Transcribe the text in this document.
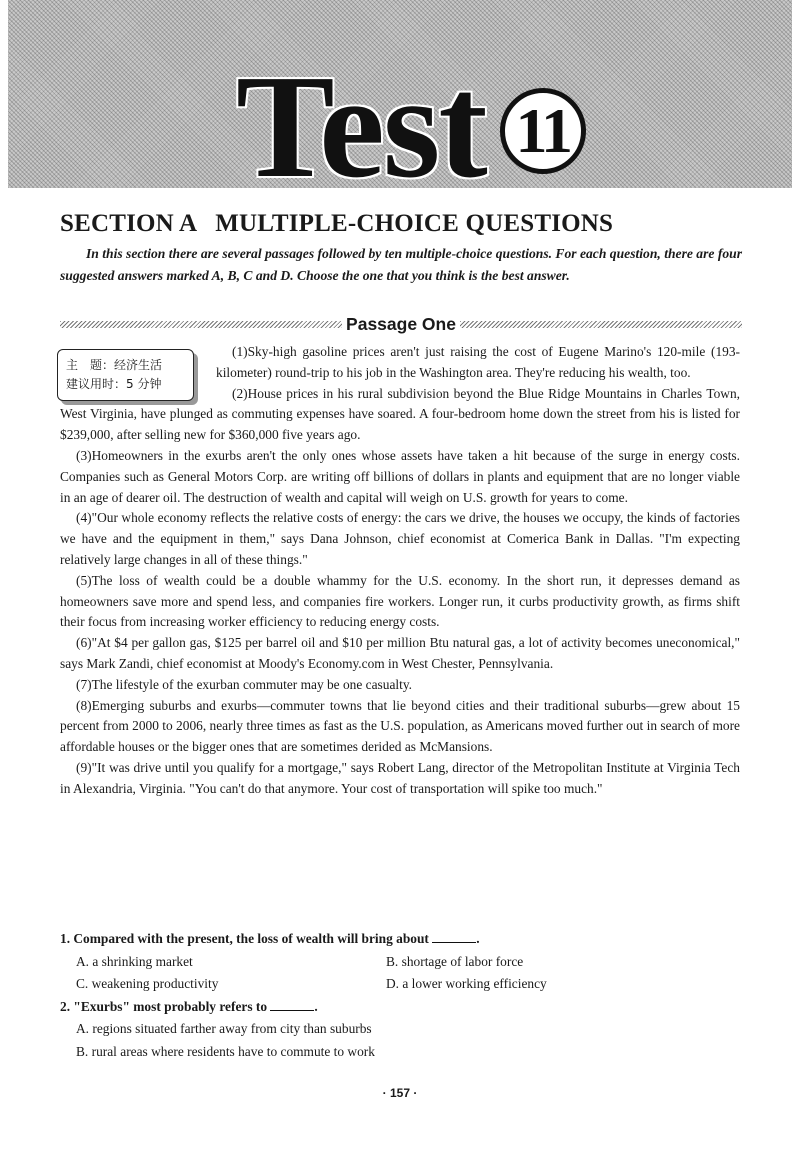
Test 11
SECTION A   MULTIPLE-CHOICE QUESTIONS
In this section there are several passages followed by ten multiple-choice questions. For each question, there are four suggested answers marked A, B, C and D. Choose the one that you think is the best answer.
Passage One
主　题：经济生活
建议用时：5 分钟

(1)Sky-high gasoline prices aren't just raising the cost of Eugene Marino's 120-mile (193-kilometer) round-trip to his job in the Washington area. They're reducing his wealth, too.

(2)House prices in his rural subdivision beyond the Blue Ridge Mountains in Charles Town, West Virginia, have plunged as commuting expenses have soared. A four-bedroom home down the street from his is listed for $239,000, after selling new for $360,000 five years ago.

(3)Homeowners in the exurbs aren't the only ones whose assets have taken a hit because of the surge in energy costs. Companies such as General Motors Corp. are writing off billions of dollars in plants and equipment that are no longer viable in an age of dearer oil. The destruction of wealth and capital will weigh on U.S. growth for years to come.

(4)"Our whole economy reflects the relative costs of energy: the cars we drive, the houses we occupy, the kinds of factories we have and the equipment in them," says Dana Johnson, chief economist at Comerica Bank in Dallas. "I'm expecting relatively large changes in all of these things."

(5)The loss of wealth could be a double whammy for the U.S. economy. In the short run, it depresses demand as homeowners save more and spend less, and companies fire workers. Longer run, it curbs productivity growth, as firms shift their focus from increasing worker efficiency to reducing energy costs.

(6)"At $4 per gallon gas, $125 per barrel oil and $10 per million Btu natural gas, a lot of activity becomes uneconomical," says Mark Zandi, chief economist at Moody's Economy.com in West Chester, Pennsylvania.

(7)The lifestyle of the exurban commuter may be one casualty.

(8)Emerging suburbs and exurbs—commuter towns that lie beyond cities and their traditional suburbs—grew about 15 percent from 2000 to 2006, nearly three times as fast as the U.S. population, as Americans moved further out in search of more affordable houses or the bigger ones that are sometimes derided as McMansions.

(9)"It was drive until you qualify for a mortgage," says Robert Lang, director of the Metropolitan Institute at Virginia Tech in Alexandria, Virginia. "You can't do that anymore. Your cost of transportation will spike too much."

1. Compared with the present, the loss of wealth will bring about	.
A. a shrinking market	B. shortage of labor force
C. weakening productivity	D. a lower working efficiency
2. "Exurbs" most probably refers to	.
A. regions situated farther away from city than suburbs
B. rural areas where residents have to commute to work
· 157 ·
